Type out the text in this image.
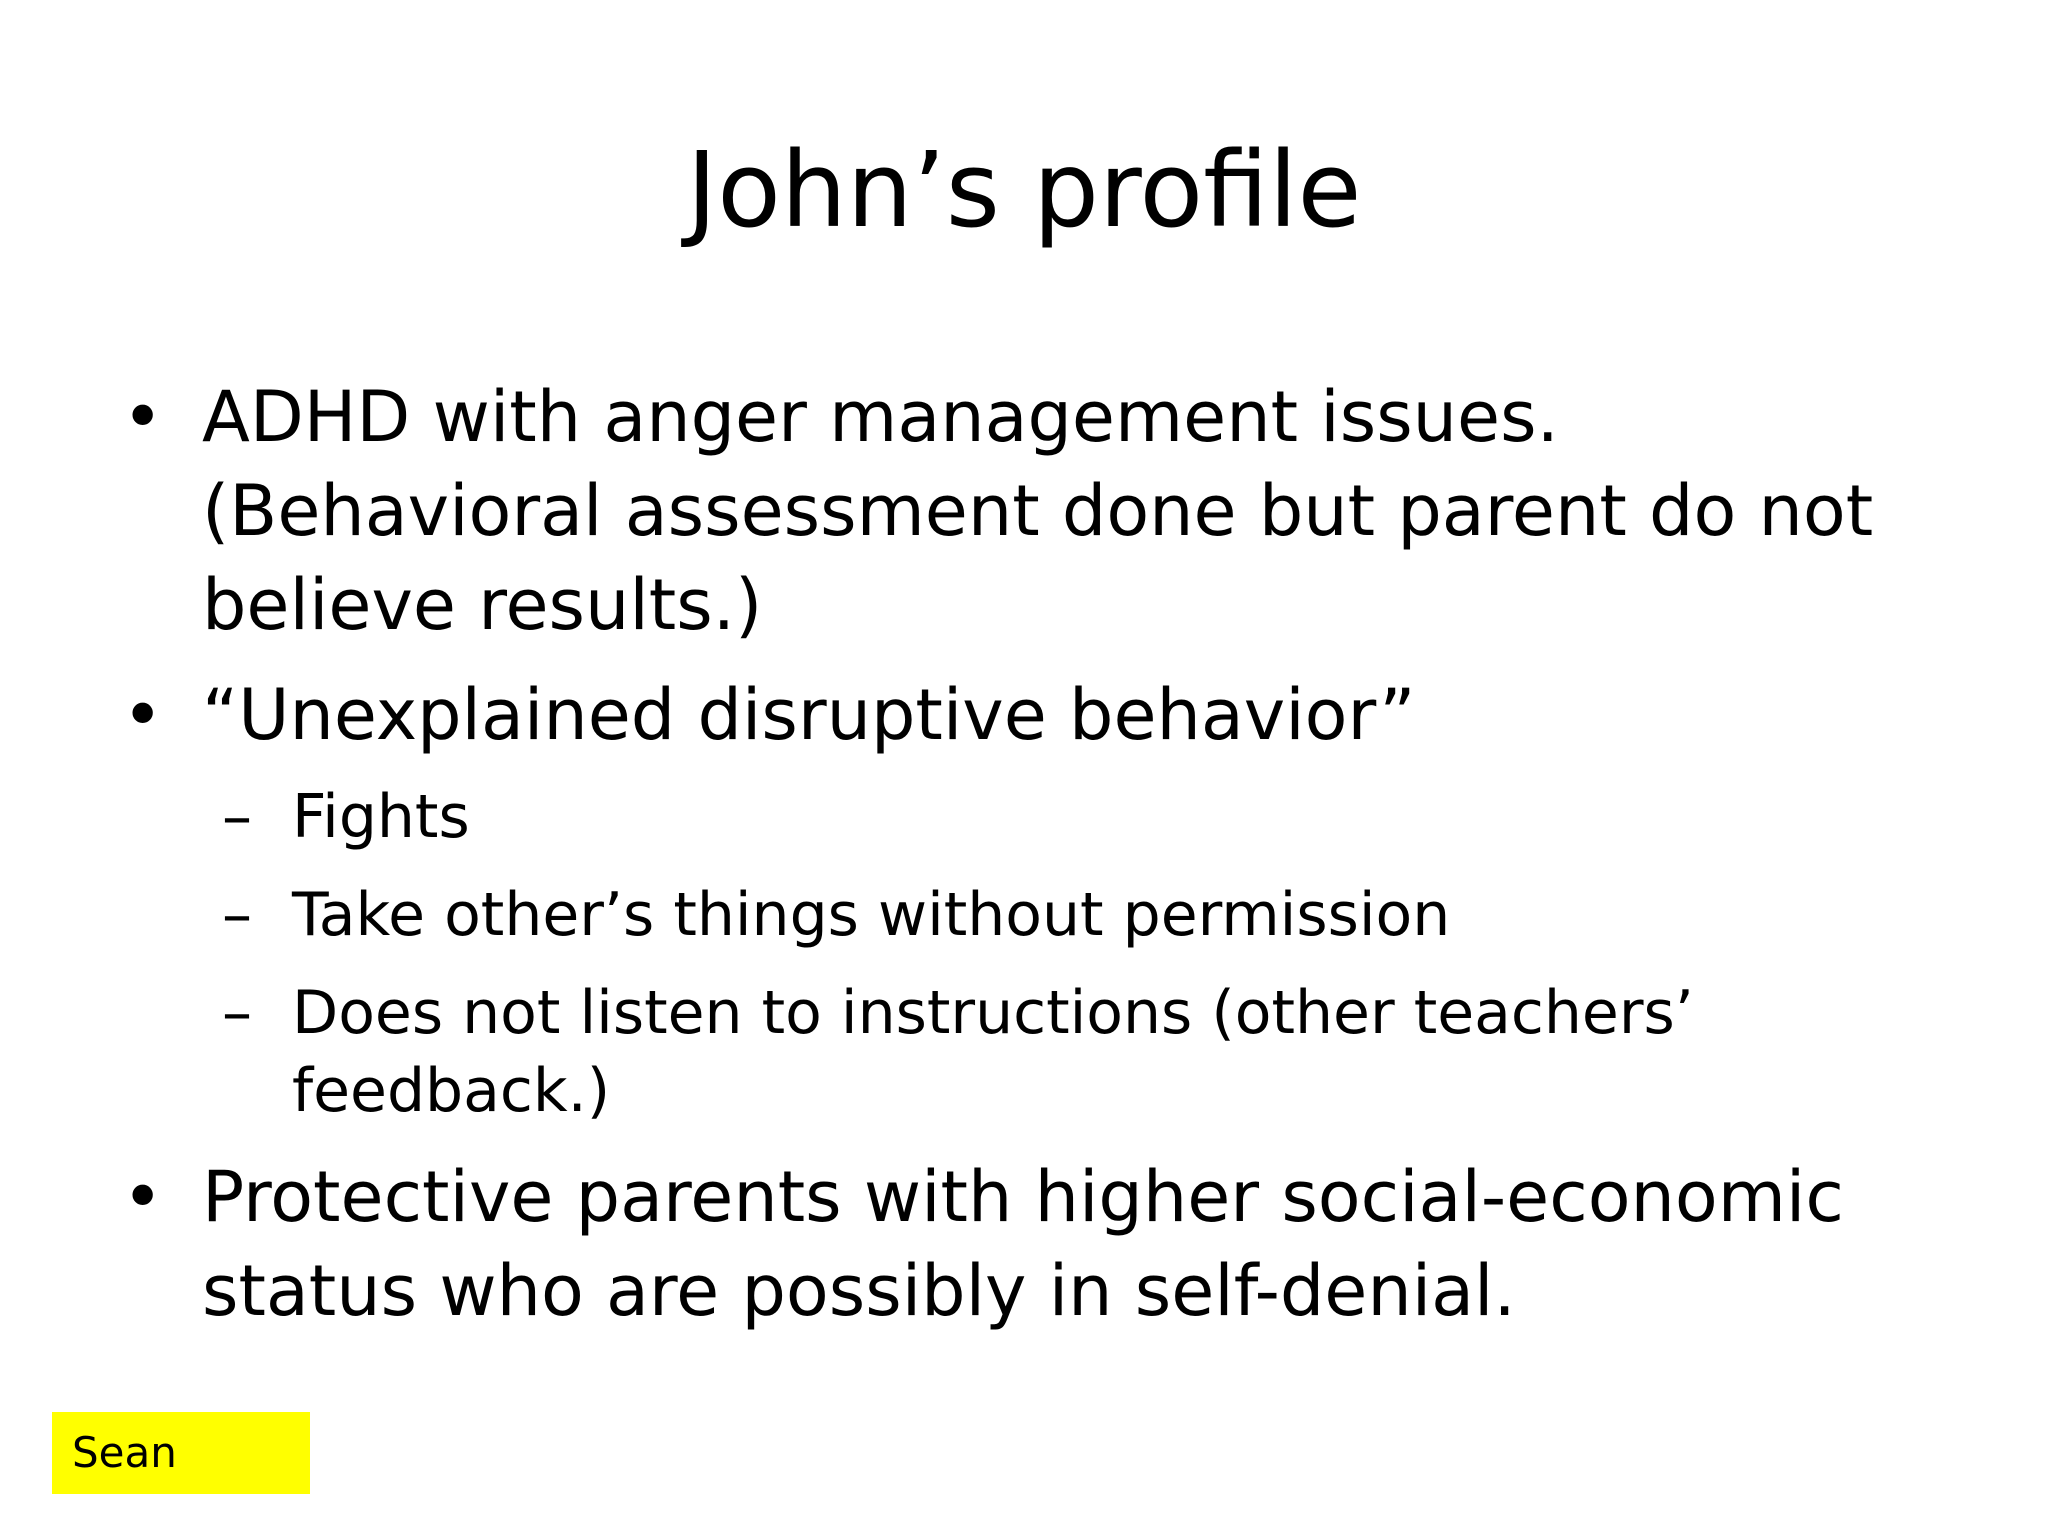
John’s profile
• ADHD with anger management issues.
(Behavioral assessment done but parent do not
believe results.)
• “Unexplained disruptive behavior”
– Fights
– Take other’s things without permission
– Does not listen to instructions (other teachers’
feedback.)
• Protective parents with higher social-economic
status who are possibly in self-denial.
Sean
